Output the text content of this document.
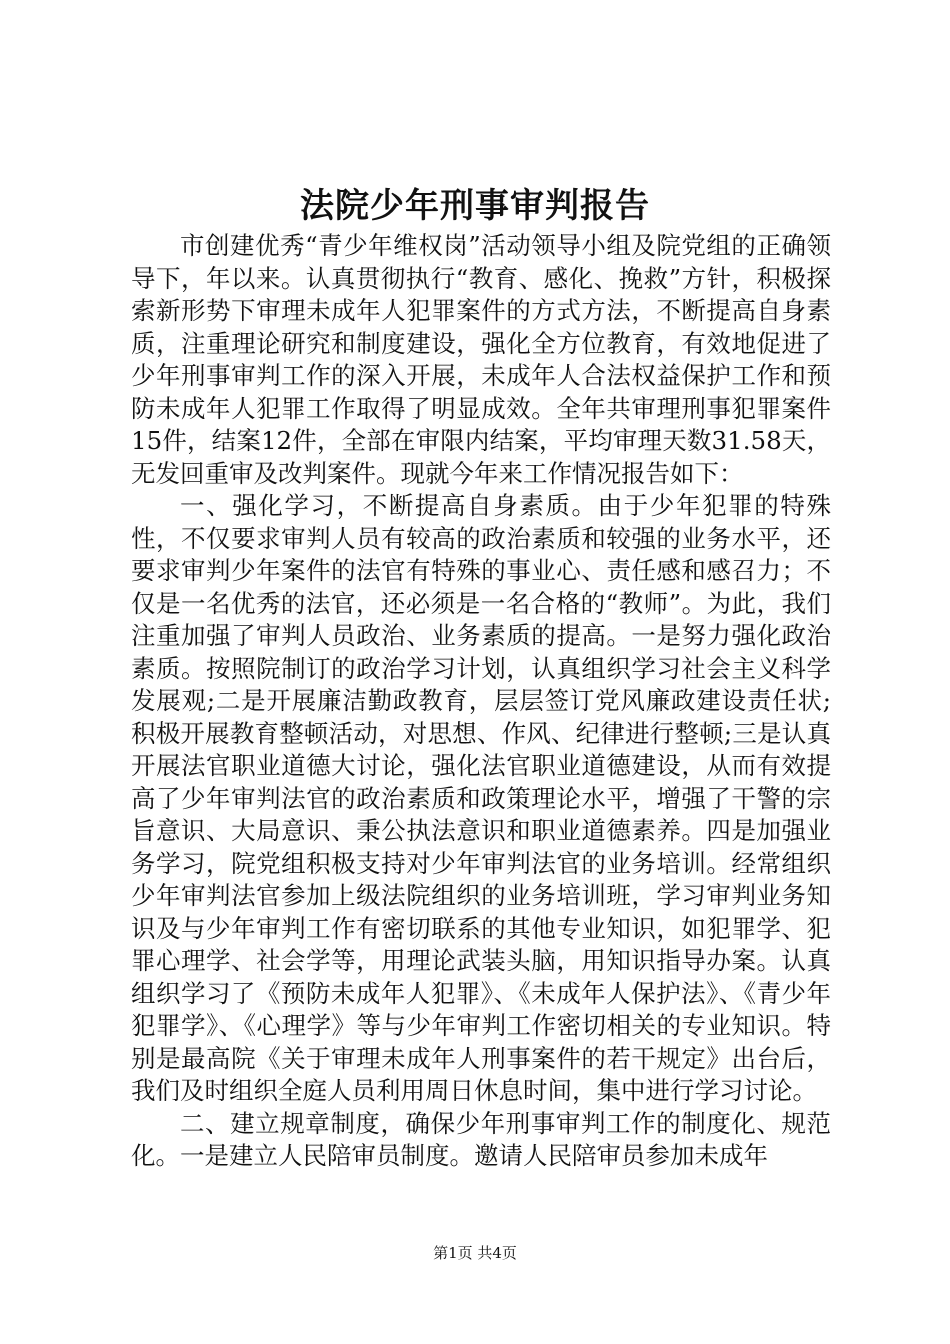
法院少年刑事审判报告

市创建优秀“青少年维权岗”活动领导小组及院党组的正确领导下，年以来。认真贯彻执行“教育、感化、挽救”方针，积极探索新形势下审理未成年人犯罪案件的方式方法，不断提高自身素质，注重理论研究和制度建设，强化全方位教育，有效地促进了少年刑事审判工作的深入开展，未成年人合法权益保护工作和预防未成年人犯罪工作取得了明显成效。全年共审理刑事犯罪案件15件，结案12件，全部在审限内结案，平均审理天数31.58天，无发回重审及改判案件。现就今年来工作情况报告如下：

一、强化学习，不断提高自身素质。由于少年犯罪的特殊性，不仅要求审判人员有较高的政治素质和较强的业务水平，还要求审判少年案件的法官有特殊的事业心、责任感和感召力；不仅是一名优秀的法官，还必须是一名合格的“教师”。为此，我们注重加强了审判人员政治、业务素质的提高。一是努力强化政治素质。按照院制订的政治学习计划，认真组织学习社会主义科学发展观;二是开展廉洁勤政教育，层层签订党风廉政建设责任状;积极开展教育整顿活动，对思想、作风、纪律进行整顿;三是认真开展法官职业道德大讨论，强化法官职业道德建设，从而有效提高了少年审判法官的政治素质和政策理论水平，增强了干警的宗旨意识、大局意识、秉公执法意识和职业道德素养。四是加强业务学习，院党组积极支持对少年审判法官的业务培训。经常组织少年审判法官参加上级法院组织的业务培训班，学习审判业务知识及与少年审判工作有密切联系的其他专业知识，如犯罪学、犯罪心理学、社会学等，用理论武装头脑，用知识指导办案。认真组织学习了《预防未成年人犯罪》、《未成年人保护法》、《青少年犯罪学》、《心理学》等与少年审判工作密切相关的专业知识。特别是最高院《关于审理未成年人刑事案件的若干规定》出台后，我们及时组织全庭人员利用周日休息时间，集中进行学习讨论。

二、建立规章制度，确保少年刑事审判工作的制度化、规范化。一是建立人民陪审员制度。邀请人民陪审员参加未成年

第1页 共4页
